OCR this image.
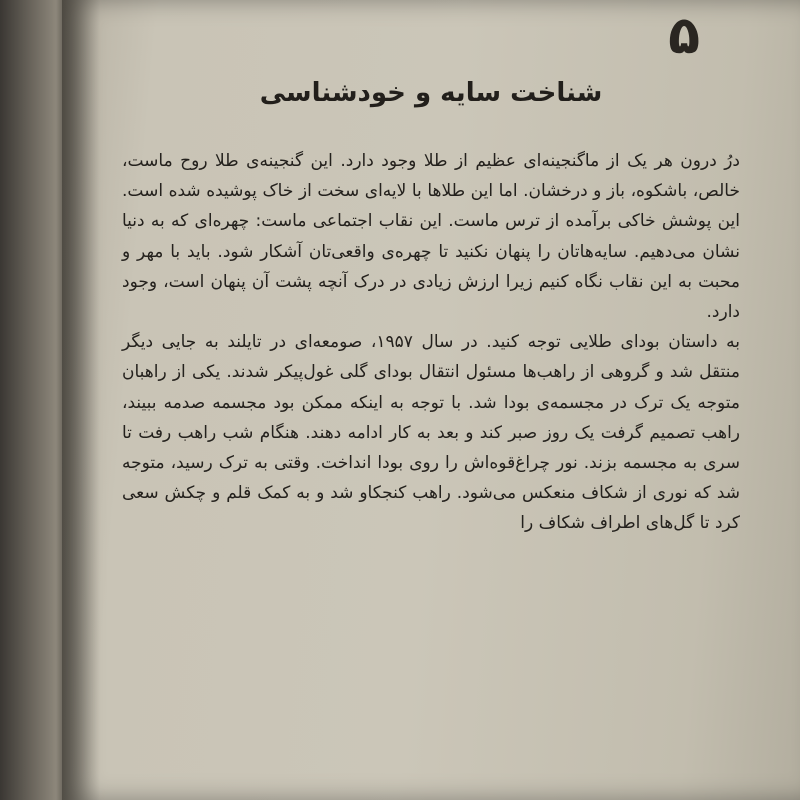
۵
شناخت سایه و خودشناسی

درُ درون هر یک از ماگنجینه‌ای عظیم از طلا وجود دارد. این گنجینه‌ی طلا روح ماست، خالص، باشکوه، باز و درخشان. اما این طلاها با لایه‌ای سخت از خاک پوشیده شده است. این پوشش خاکی برآمده از ترس ماست. این نقاب اجتماعی ماست: چهره‌ای که به دنیا نشان می‌دهیم. سایه‌هاتان را پنهان نکنید تا چهره‌ی واقعی‌تان آشکار شود. باید با مهر و محبت به این نقاب نگاه کنیم زیرا ارزش زیادی در درک آنچه پشت آن پنهان است، وجود دارد.

به داستان بودای طلایی توجه کنید. در سال ۱۹۵۷، صومعه‌ای در تایلند به جایی دیگر منتقل شد و گروهی از راهب‌ها مسئول انتقال بودای گلی غول‌پیکر شدند. یکی از راهبان متوجه یک ترک در مجسمه‌ی بودا شد. با توجه به اینکه ممکن بود مجسمه صدمه ببیند، راهب تصمیم گرفت یک روز صبر کند و بعد به کار ادامه دهند. هنگام شب راهب رفت تا سری به مجسمه بزند. نور چراغ‌قوه‌اش را روی بودا انداخت. وقتی به ترک رسید، متوجه شد که نوری از شکاف منعکس می‌شود. راهب کنجکاو شد و به کمک قلم و چکش سعی کرد تا گل‌های اطراف شکاف را
